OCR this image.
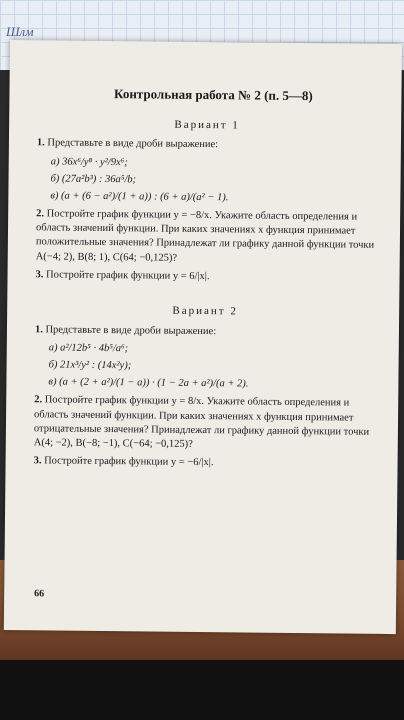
Шлм
Контрольная работа № 2 (п. 5—8)
Вариант 1
1. Представьте в виде дроби выражение:
а) 36x⁶/y⁸ · y²/9x⁶;
б) (27a²b³) : 36a⁵/b;
в) (a + (6 − a²)/(1 + a)) : (6 + a)/(a² − 1).
2. Постройте график функции y = −8/x. Укажите область определения и область значений функции. При каких значениях x функция принимает положительные значения? Принадлежат ли графику данной функции точки A(−4; 2), B(8; 1), C(64; −0,125)?
3. Постройте график функции y = 6/|x|.
Вариант 2
1. Представьте в виде дроби выражение:
а) a²/12b⁵ · 4b⁵/a⁶;
б) 21x³/y² : (14x²y);
в) (a + (2 + a²)/(1 − a)) · (1 − 2a + a²)/(a + 2).
2. Постройте график функции y = 8/x. Укажите область определения и область значений функции. При каких значениях x функция принимает отрицательные значения? Принадлежат ли графику данной функции точки A(4; −2), B(−8; −1), C(−64; −0,125)?
3. Постройте график функции y = −6/|x|.
66
